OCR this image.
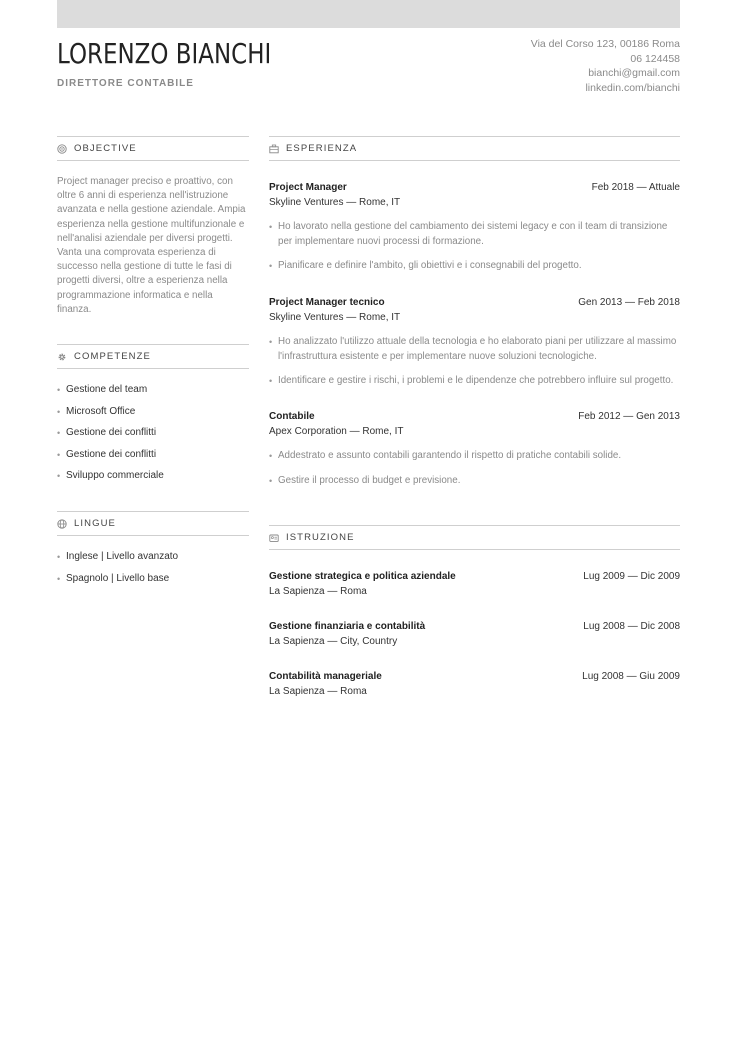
LORENZO BIANCHI
DIRETTORE CONTABILE
Via del Corso 123, 00186 Roma
06 124458
bianchi@gmail.com
linkedin.com/bianchi
OBJECTIVE
Project manager preciso e proattivo, con oltre 6 anni di esperienza nell'istruzione avanzata e nella gestione aziendale. Ampia esperienza nella gestione multifunzionale e nell'analisi aziendale per diversi progetti. Vanta una comprovata esperienza di successo nella gestione di tutte le fasi di progetti diversi, oltre a esperienza nella programmazione informatica e nella finanza.
COMPETENZE
• Gestione del team
• Microsoft Office
• Gestione dei conflitti
• Gestione dei conflitti
• Sviluppo commerciale
LINGUE
• Inglese | Livello avanzato
• Spagnolo | Livello base
ESPERIENZA
Project Manager	Feb 2018 — Attuale
Skyline Ventures — Rome, IT
• Ho lavorato nella gestione del cambiamento dei sistemi legacy e con il team di transizione per implementare nuovi processi di formazione.
• Pianificare e definire l'ambito, gli obiettivi e i consegnabili del progetto.
Project Manager tecnico	Gen 2013 — Feb 2018
Skyline Ventures — Rome, IT
• Ho analizzato l'utilizzo attuale della tecnologia e ho elaborato piani per utilizzare al massimo l'infrastruttura esistente e per implementare nuove soluzioni tecnologiche.
• Identificare e gestire i rischi, i problemi e le dipendenze che potrebbero influire sul progetto.
Contabile	Feb 2012 — Gen 2013
Apex Corporation — Rome, IT
• Addestrato e assunto contabili garantendo il rispetto di pratiche contabili solide.
• Gestire il processo di budget e previsione.
ISTRUZIONE
Gestione strategica e politica aziendale	Lug 2009 — Dic 2009
La Sapienza — Roma
Gestione finanziaria e contabilità	Lug 2008 — Dic 2008
La Sapienza — City, Country
Contabilità manageriale	Lug 2008 — Giu 2009
La Sapienza — Roma
